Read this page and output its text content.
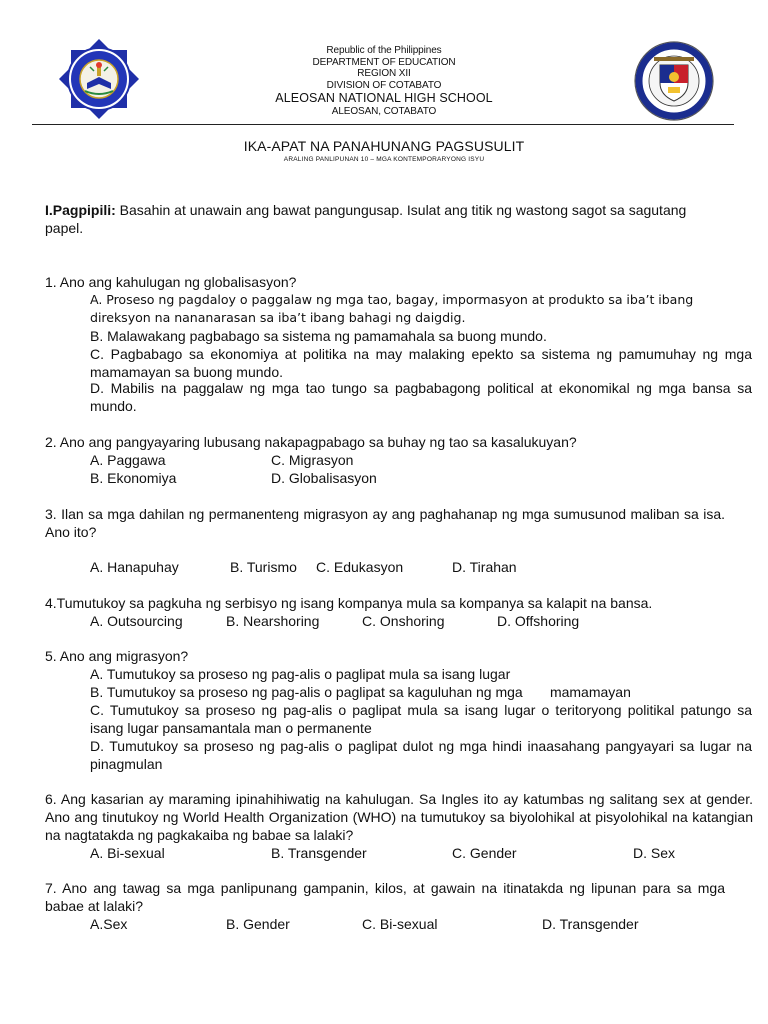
Republic of the Philippines
DEPARTMENT OF EDUCATION
REGION XII
DIVISION OF COTABATO
ALEOSAN NATIONAL HIGH SCHOOL
ALEOSAN, COTABATO
IKA-APAT NA PANAHUNANG PAGSUSULIT
ARALING PANLIPUNAN 10 – MGA KONTEMPORARYONG ISYU
I.Pagpipili: Basahin at unawain ang bawat pangungusap. Isulat ang titik ng wastong sagot sa sagutang papel.
1. Ano ang kahulugan ng globalisasyon?
A. Proseso ng pagdaloy o paggalaw ng mga tao, bagay, impormasyon at produkto sa iba’t ibang
direksyon na nananarasan sa iba’t ibang bahagi ng daigdig.
B. Malawakang pagbabago sa sistema ng pamamahala sa buong mundo.
C. Pagbabago sa ekonomiya at politika na may malaking epekto sa sistema ng pamumuhay ng mga mamamayan sa buong mundo.
D. Mabilis na paggalaw ng mga tao tungo sa pagbabagong political at ekonomikal ng mga bansa sa mundo.
2. Ano ang pangyayaring lubusang nakapagpabago sa buhay ng tao sa kasalukuyan?
A. Paggawa	C. Migrasyon
B. Ekonomiya	D. Globalisasyon
3. Ilan sa mga dahilan ng permanenteng migrasyon ay ang paghahanap ng mga sumusunod maliban sa isa. Ano ito?
A. Hanapuhay	B. Turismo C. Edukasyon	D. Tirahan
4.Tumutukoy sa pagkuha ng serbisyo ng isang kompanya mula sa kompanya sa kalapit na bansa.
A. Outsourcing	B. Nearshoring	C. Onshoring	D. Offshoring
5. Ano ang migrasyon?
A. Tumutukoy sa proseso ng pag-alis o paglipat mula sa isang lugar
B. Tumutukoy sa proseso ng pag-alis o paglipat sa kaguluhan ng mga       mamamayan
C. Tumutukoy sa proseso ng pag-alis o paglipat mula sa isang lugar o teritoryong politikal patungo sa isang lugar pansamantala man o permanente
D. Tumutukoy sa proseso ng pag-alis o paglipat dulot ng mga hindi inaasahang pangyayari sa lugar na pinagmulan
6. Ang kasarian ay maraming ipinahihiwatig na kahulugan. Sa Ingles ito ay katumbas ng salitang sex at gender. Ano ang tinutukoy ng World Health Organization (WHO) na tumutukoy sa biyolohikal at pisyolohikal na katangian na nagtatakda ng pagkakaiba ng babae sa lalaki?
A. Bi-sexual	B. Transgender	C. Gender	D. Sex
7. Ano ang tawag sa mga panlipunang gampanin, kilos, at gawain na itinatakda ng lipunan para sa mga babae at lalaki?
A.Sex	B. Gender	C. Bi-sexual	D. Transgender
